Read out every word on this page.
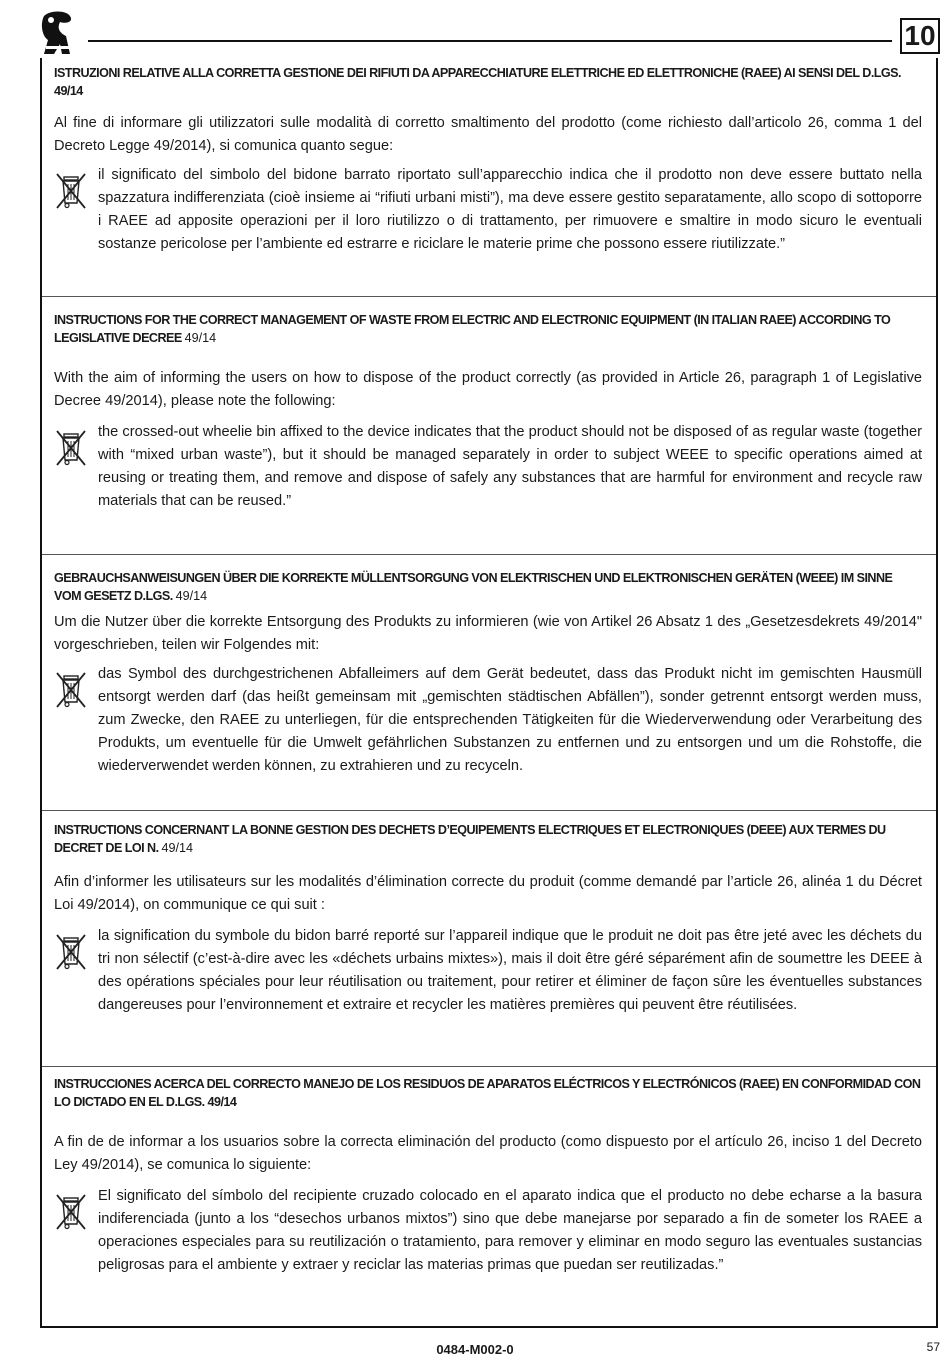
10

ISTRUZIONI RELATIVE ALLA CORRETTA GESTIONE DEI RIFIUTI DA APPARECCHIATURE ELETTRICHE ED ELETTRONICHE (RAEE) AI SENSI DEL D.LGS. 49/14

Al fine di informare gli utilizzatori sulle modalità di corretto smaltimento del prodotto (come richiesto dall’articolo 26, comma 1 del Decreto Legge 49/2014), si comunica quanto segue:

il significato del simbolo del bidone barrato riportato sull’apparecchio indica che il prodotto non deve essere buttato nella spazzatura indifferenziata (cioè insieme ai “rifiuti urbani misti”), ma deve essere gestito separatamente, allo scopo di sottoporre i RAEE ad apposite operazioni per il loro riutilizzo o di trattamento, per rimuovere e smaltire in modo sicuro le eventuali sostanze pericolose per l’ambiente ed estrarre e riciclare le materie prime che possono essere riutilizzate.”

INSTRUCTIONS FOR THE CORRECT MANAGEMENT OF WASTE FROM ELECTRIC AND ELECTRONIC EQUIPMENT (IN ITALIAN RAEE) ACCORDING TO LEGISLATIVE DECREE 49/14

With the aim of informing the users on how to dispose of the product correctly (as provided in Article 26, paragraph 1 of Legislative Decree 49/2014), please note the following:

the crossed-out wheelie bin affixed to the device indicates that the product should not be disposed of as regular waste (together with “mixed urban waste”), but it should be managed separately in order to subject WEEE to specific operations aimed at reusing or treating them, and remove and dispose of safely any substances that are harmful for environment and recycle raw materials that can be reused.”

GEBRAUCHSANWEISUNGEN ÜBER DIE KORREKTE MÜLLENTSORGUNG VON ELEKTRISCHEN UND ELEKTRONISCHEN GERÄTEN (WEEE) IM SINNE VOM GESETZ D.LGS. 49/14

Um die Nutzer über die korrekte Entsorgung des Produkts zu informieren (wie von Artikel 26 Absatz 1 des „Gesetzesdekrets 49/2014" vorgeschrieben, teilen wir Folgendes mit:

das Symbol des durchgestrichenen Abfalleimers auf dem Gerät bedeutet, dass das Produkt nicht im gemischten Hausmüll entsorgt werden darf (das heißt gemeinsam mit „gemischten städtischen Abfällen”), sonder getrennt entsorgt werden muss, zum Zwecke, den RAEE zu unterliegen, für die entsprechenden Tätigkeiten für die Wiederverwendung oder Verarbeitung des Produkts, um eventuelle für die Umwelt gefährlichen Substanzen zu entfernen und zu entsorgen und um die Rohstoffe, die wiederverwendet werden können, zu extrahieren und zu recyceln.

INSTRUCTIONS CONCERNANT LA BONNE GESTION DES DECHETS D’EQUIPEMENTS ELECTRIQUES ET ELECTRONIQUES (DEEE) AUX TERMES DU DECRET DE LOI N. 49/14

Afin d’informer les utilisateurs sur les modalités d’élimination correcte du produit (comme demandé par l’article 26, alinéa 1 du Décret Loi 49/2014), on communique ce qui suit :

la signification du symbole du bidon barré reporté sur l’appareil indique que le produit ne doit pas être jeté avec les déchets du tri non sélectif (c’est-à-dire avec les «déchets urbains mixtes»), mais il doit être géré séparément afin de soumettre les DEEE à des opérations spéciales pour leur réutilisation ou traitement, pour retirer et éliminer de façon sûre les éventuelles substances dangereuses pour l’environnement et extraire et recycler les matières premières qui peuvent être réutilisées.

INSTRUCCIONES ACERCA DEL CORRECTO MANEJO DE LOS RESIDUOS DE APARATOS ELÉCTRICOS Y ELECTRÓNICOS (RAEE) EN CONFORMIDAD CON LO DICTADO EN EL D.LGS. 49/14

A fin de de informar a los usuarios sobre la correcta eliminación del producto (como dispuesto por el artículo 26, inciso 1 del Decreto Ley 49/2014), se comunica lo siguiente:

El significato del símbolo del recipiente cruzado colocado en el aparato indica que el producto no debe echarse a la basura indiferenciada (junto a los “desechos urbanos mixtos”) sino que debe manejarse por separado a fin de someter los RAEE a operaciones especiales para su reutilización o tratamiento, para remover y eliminar en modo seguro las eventuales sustancias peligrosas para el ambiente y extraer y reciclar las materias primas que puedan ser reutilizadas.”

0484-M002-0	57
